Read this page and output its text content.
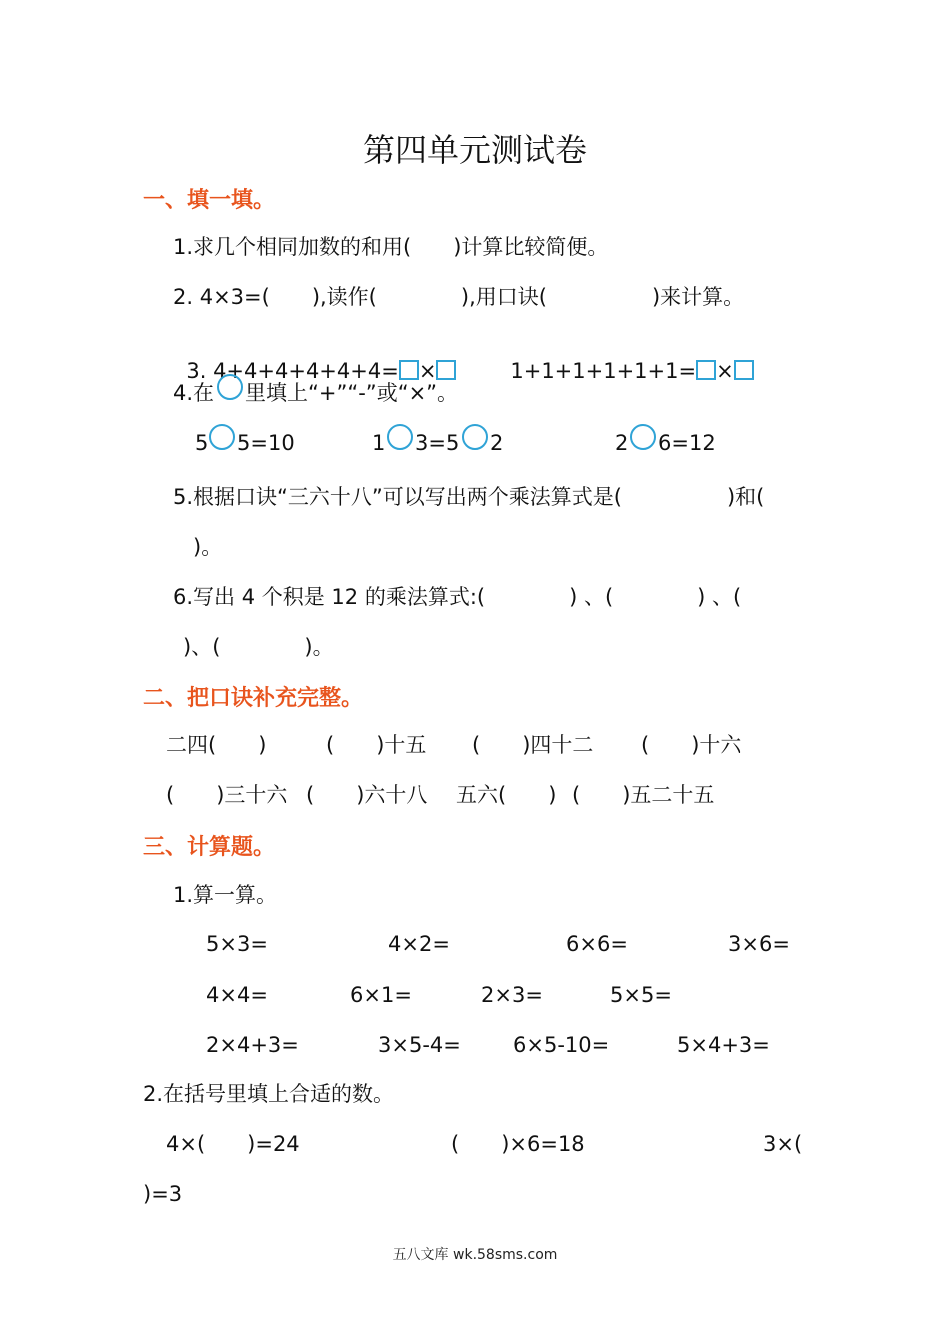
第四单元测试卷
一、填一填。
1.求几个相同加数的和用(　　)计算比较简便。
2. 4×3=(　　),读作(　　　　),用口诀(　　　　　)来计算。

3. 4+4+4+4+4+4= ×	1+1+1+1+1+1= ×

4.在 里填上“+”“-”或“×”。
5 5=10	1 3=5 2	2 6=12
5.根据口诀“三六十八”可以写出两个乘法算式是(　　　　　)和(
)。
6.写出 4 个积是 12 的乘法算式:(　　　　) 、(　　　　) 、(
)、(　　　　)。
二、把口诀补充完整。
二四(　　)	(　　)十五 (　　)四十二 (　　)十六
(　　)三十六 (　　)六十八 五六(　　) (　　)五二十五
三、计算题。
1.算一算。
5×3=	4×2=	6×6=	3×6=
4×4=	6×1=	2×3=	5×5=
2×4+3=	3×5-4= 6×5-10=	5×4+3=
2.在括号里填上合适的数。
4×(　　)=24	(　　)×6=18	3×(
)=3
五八文库 wk.58sms.com
